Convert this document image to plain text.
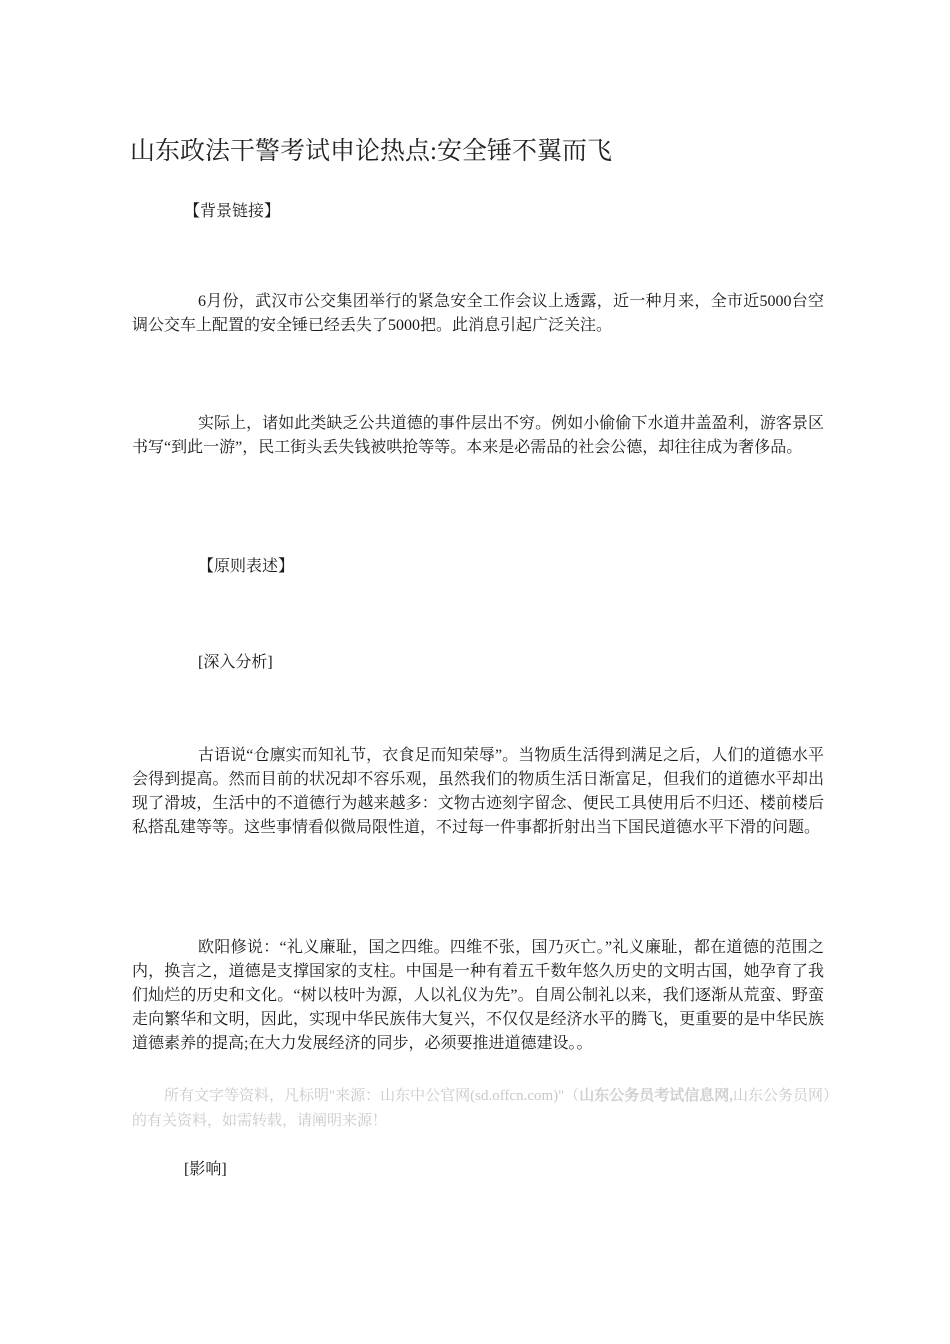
山东政法干警考试申论热点:安全锤不翼而飞
【背景链接】

6月份，武汉市公交集团举行的紧急安全工作会议上透露，近一种月来，全市近5000台空调公交车上配置的安全锤已经丢失了5000把。此消息引起广泛关注。

实际上，诸如此类缺乏公共道德的事件层出不穷。例如小偷偷下水道井盖盈利，游客景区书写“到此一游”，民工街头丢失钱被哄抢等等。本来是必需品的社会公德，却往往成为奢侈品。

【原则表述】
[深入分析]

古语说“仓廪实而知礼节，衣食足而知荣辱”。当物质生活得到满足之后，人们的道德水平会得到提高。然而目前的状况却不容乐观，虽然我们的物质生活日渐富足，但我们的道德水平却出现了滑坡，生活中的不道德行为越来越多：文物古迹刻字留念、便民工具使用后不归还、楼前楼后私搭乱建等等。这些事情看似微局限性道，不过每一件事都折射出当下国民道德水平下滑的问题。

欧阳修说：“礼义廉耻，国之四维。四维不张，国乃灭亡。”礼义廉耻，都在道德的范围之内，换言之，道德是支撑国家的支柱。中国是一种有着五千数年悠久历史的文明古国，她孕育了我们灿烂的历史和文化。“树以枝叶为源，人以礼仪为先”。自周公制礼以来，我们逐渐从荒蛮、野蛮走向繁华和文明，因此，实现中华民族伟大复兴，不仅仅是经济水平的腾飞，更重要的是中华民族道德素养的提高;在大力发展经济的同步，必须要推进道德建设。。

所有文字等资料，凡标明"来源：山东中公官网(sd.offcn.com)"（山东公务员考试信息网,山东公务员网）的有关资料，如需转载，请阐明来源！
[影响]
